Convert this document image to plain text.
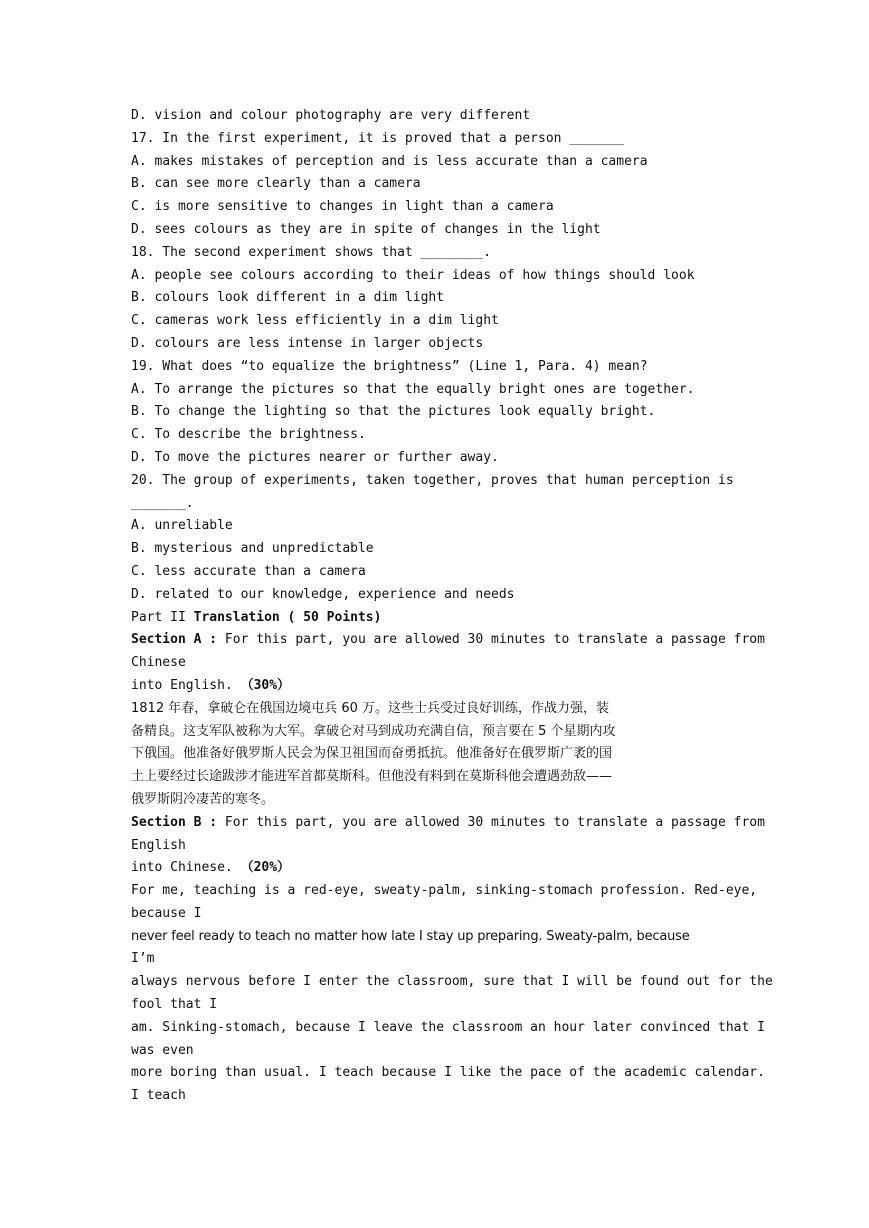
D. vision and colour photography are very different
17. In the first experiment, it is proved that a person _______
A. makes mistakes of perception and is less accurate than a camera
B. can see more clearly than a camera
C. is more sensitive to changes in light than a camera
D. sees colours as they are in spite of changes in the light
18. The second experiment shows that ________.
A. people see colours according to their ideas of how things should look
B. colours look different in a dim light
C. cameras work less efficiently in a dim light
D. colours are less intense in larger objects
19. What does “to equalize the brightness” (Line 1, Para. 4) mean?
A. To arrange the pictures so that the equally bright ones are together.
B. To change the lighting so that the pictures look equally bright.
C. To describe the brightness.
D. To move the pictures nearer or further away.
20. The group of experiments, taken together, proves that human perception is
_______.
A. unreliable
B. mysterious and unpredictable
C. less accurate than a camera
D. related to our knowledge, experience and needs
Part II Translation ( 50 Points)
Section A : For this part, you are allowed 30 minutes to translate a passage from
Chinese
into English. （30%）
1812 年春，拿破仑在俄国边境屯兵 60 万。这些士兵受过良好训练，作战力强，装
备精良。这支军队被称为大军。拿破仑对马到成功充满自信，预言要在 5 个星期内攻
下俄国。他准备好俄罗斯人民会为保卫祖国而奋勇抵抗。他准备好在俄罗斯广袤的国
土上要经过长途跋涉才能进军首都莫斯科。但他没有料到在莫斯科他会遭遇劲敌——
俄罗斯阴冷凄苦的寒冬。
Section B : For this part, you are allowed 30 minutes to translate a passage from
English
into Chinese. （20%）
For me, teaching is a red-eye, sweaty-palm, sinking-stomach profession. Red-eye,
because I
never feel ready to teach no matter how late I stay up preparing. Sweaty-palm, because
I’m
always nervous before I enter the classroom, sure that I will be found out for the
fool that I
am. Sinking-stomach, because I leave the classroom an hour later convinced that I
was even
more boring than usual. I teach because I like the pace of the academic calendar.
I teach
